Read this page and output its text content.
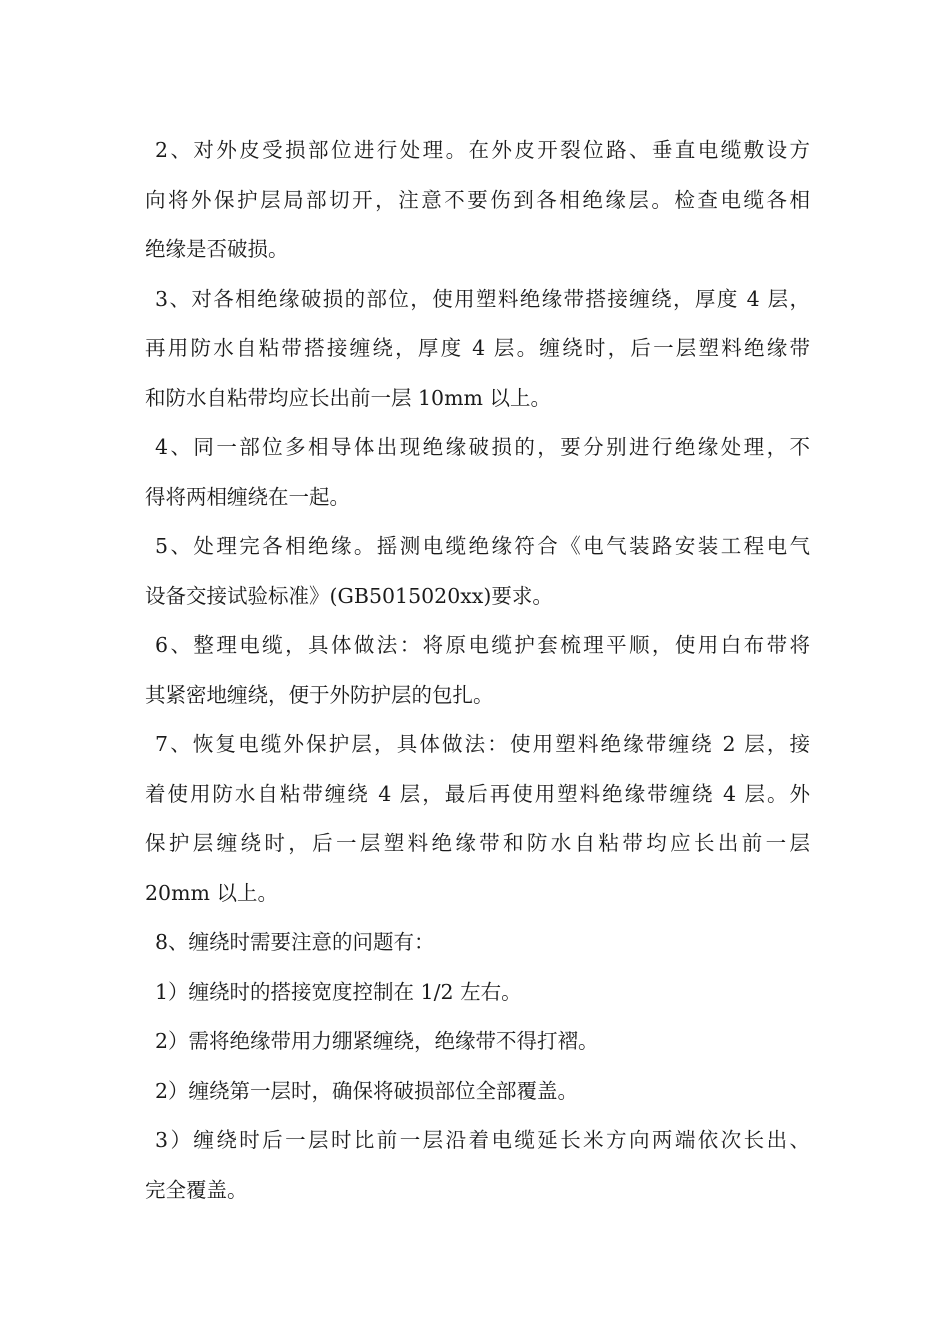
2、对外皮受损部位进行处理。在外皮开裂位路、垂直电缆敷设方
向将外保护层局部切开，注意不要伤到各相绝缘层。检查电缆各相
绝缘是否破损。
3、对各相绝缘破损的部位，使用塑料绝缘带搭接缠绕，厚度 4 层，
再用防水自粘带搭接缠绕，厚度 4 层。缠绕时，后一层塑料绝缘带
和防水自粘带均应长出前一层 10mm 以上。
4、同一部位多相导体出现绝缘破损的，要分别进行绝缘处理，不
得将两相缠绕在一起。
5、处理完各相绝缘。摇测电缆绝缘符合《电气装路安装工程电气
设备交接试验标准》(GB5015020xx)要求。
6、整理电缆，具体做法：将原电缆护套梳理平顺，使用白布带将
其紧密地缠绕，便于外防护层的包扎。
7、恢复电缆外保护层，具体做法：使用塑料绝缘带缠绕 2 层，接
着使用防水自粘带缠绕 4 层，最后再使用塑料绝缘带缠绕 4 层。外
保护层缠绕时，后一层塑料绝缘带和防水自粘带均应长出前一层
20mm 以上。
8、缠绕时需要注意的问题有：
1）缠绕时的搭接宽度控制在 1/2 左右。
2）需将绝缘带用力绷紧缠绕，绝缘带不得打褶。
2）缠绕第一层时，确保将破损部位全部覆盖。
3）缠绕时后一层时比前一层沿着电缆延长米方向两端依次长出、
完全覆盖。
